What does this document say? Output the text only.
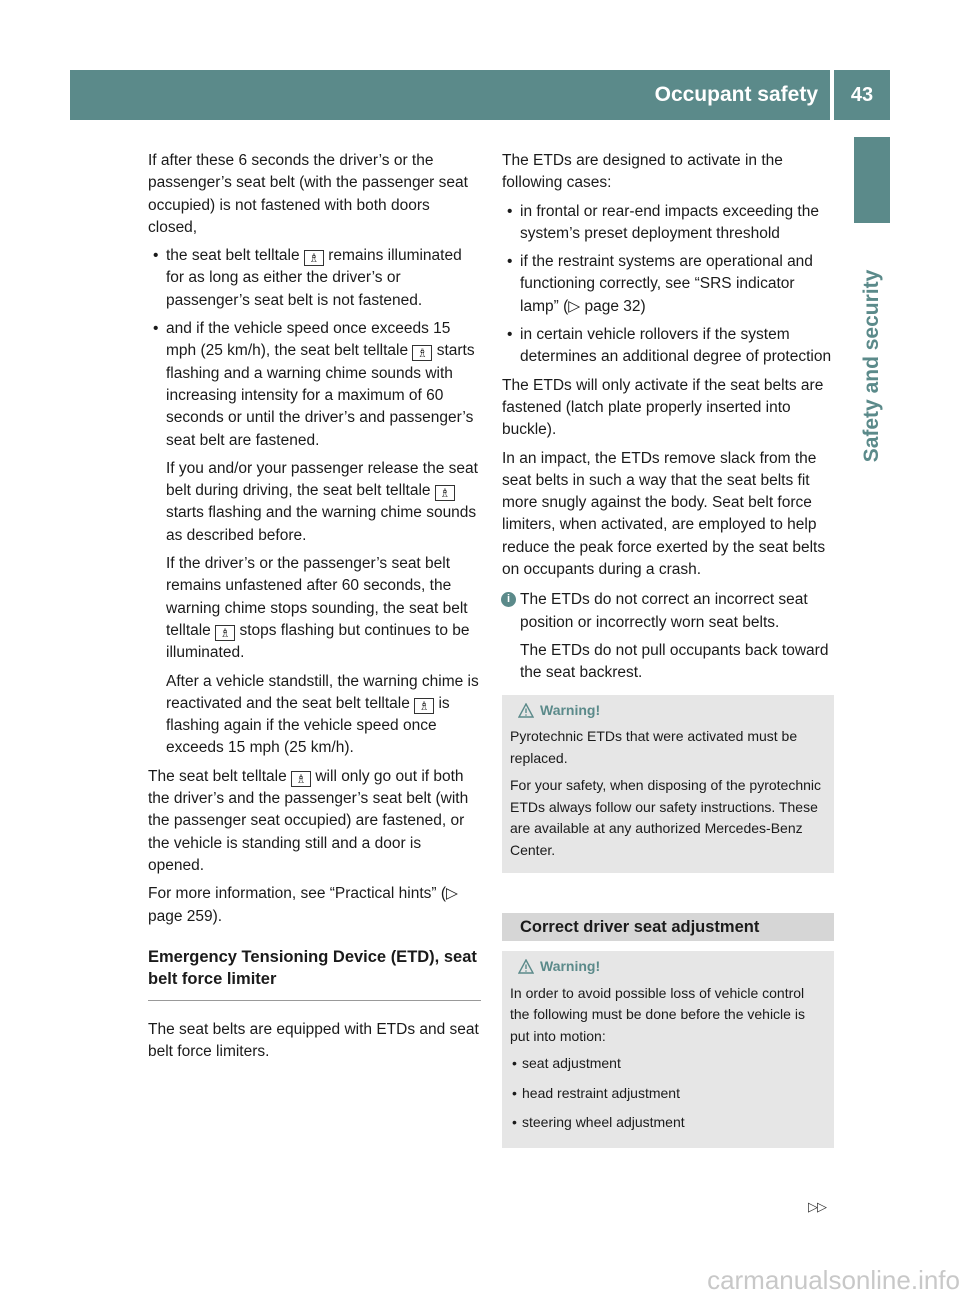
Occupant safety	43
Safety and security

If after these 6 seconds the driver’s or the passenger’s seat belt (with the passenger seat occupied) is not fastened with both doors closed,

• the seat belt telltale ♗ remains illuminated for as long as either the driver’s or passenger’s seat belt is not fastened.
• and if the vehicle speed once exceeds 15 mph (25 km/h), the seat belt telltale ♗ starts flashing and a warning chime sounds with increasing intensity for a maximum of 60 seconds or until the driver’s and passenger’s seat belt are fastened.

If you and/or your passenger release the seat belt during driving, the seat belt telltale ♗ starts flashing and the warning chime sounds as described before.

If the driver’s or the passenger’s seat belt remains unfastened after 60 seconds, the warning chime stops sounding, the seat belt telltale ♗ stops flashing but continues to be illuminated.

After a vehicle standstill, the warning chime is reactivated and the seat belt telltale ♗ is flashing again if the vehicle speed once exceeds 15 mph (25 km/h).

The seat belt telltale ♗ will only go out if both the driver’s and the passenger’s seat belt (with the passenger seat occupied) are fastened, or the vehicle is standing still and a door is opened.

For more information, see “Practical hints” (▷ page 259).

Emergency Tensioning Device (ETD), seat belt force limiter

The seat belts are equipped with ETDs and seat belt force limiters.

The ETDs are designed to activate in the following cases:

• in frontal or rear-end impacts exceeding the system’s preset deployment threshold
• if the restraint systems are operational and functioning correctly, see “SRS indicator lamp” (▷ page 32)
• in certain vehicle rollovers if the system determines an additional degree of protection

The ETDs will only activate if the seat belts are fastened (latch plate properly inserted into buckle).

In an impact, the ETDs remove slack from the seat belts in such a way that the seat belts fit more snugly against the body. Seat belt force limiters, when activated, are employed to help reduce the peak force exerted by the seat belts on occupants during a crash.

i The ETDs do not correct an incorrect seat position or incorrectly worn seat belts.

The ETDs do not pull occupants back toward the seat backrest.

Warning!

Pyrotechnic ETDs that were activated must be replaced.

For your safety, when disposing of the pyrotechnic ETDs always follow our safety instructions. These are available at any authorized Mercedes-Benz Center.

Correct driver seat adjustment
Warning!

In order to avoid possible loss of vehicle control the following must be done before the vehicle is put into motion:

• seat adjustment
• head restraint adjustment
• steering wheel adjustment
▷▷
carmanualsonline.info
